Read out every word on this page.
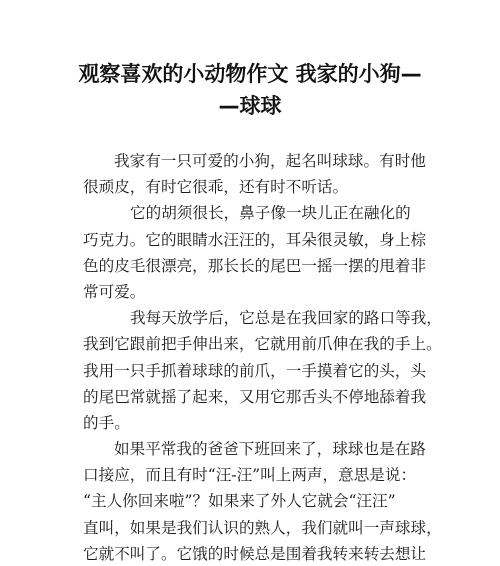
观察喜欢的小动物作文 我家的小狗—
—球球
我家有一只可爱的小狗，起名叫球球。有时他
很顽皮，有时它很乖，还有时不听话。
它的胡须很长，鼻子像一块儿正在融化的
巧克力。它的眼睛水汪汪的，耳朵很灵敏，身上棕
色的皮毛很漂亮，那长长的尾巴一摇一摆的甩着非
常可爱。
我每天放学后，它总是在我回家的路口等我，
我到它跟前把手伸出来，它就用前爪伸在我的手上。
我用一只手抓着球球的前爪，一手摸着它的头，头
的尾巴常就摇了起来，又用它那舌头不停地舔着我
的手。
如果平常我的爸爸下班回来了，球球也是在路
口接应，而且有时“汪-汪”叫上两声，意思是说：
“主人你回来啦”？如果来了外人它就会“汪汪”
直叫，如果是我们认识的熟人，我们就叫一声球球，
它就不叫了。它饿的时候总是围着我转来转去想让
